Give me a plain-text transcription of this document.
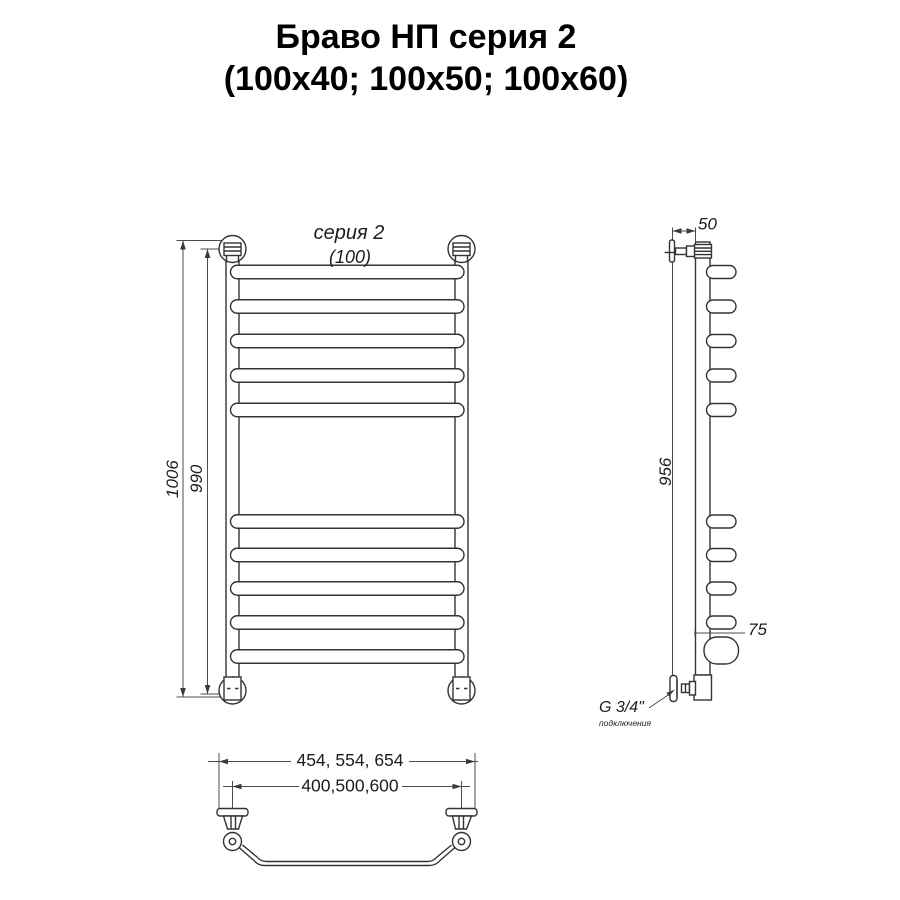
Браво НП серия 2
(100x40; 100x50; 100x60)
1006 990
серия 2
(100)
956
50
75
G 3/4"
подключения
454, 554, 654
400,500,600
